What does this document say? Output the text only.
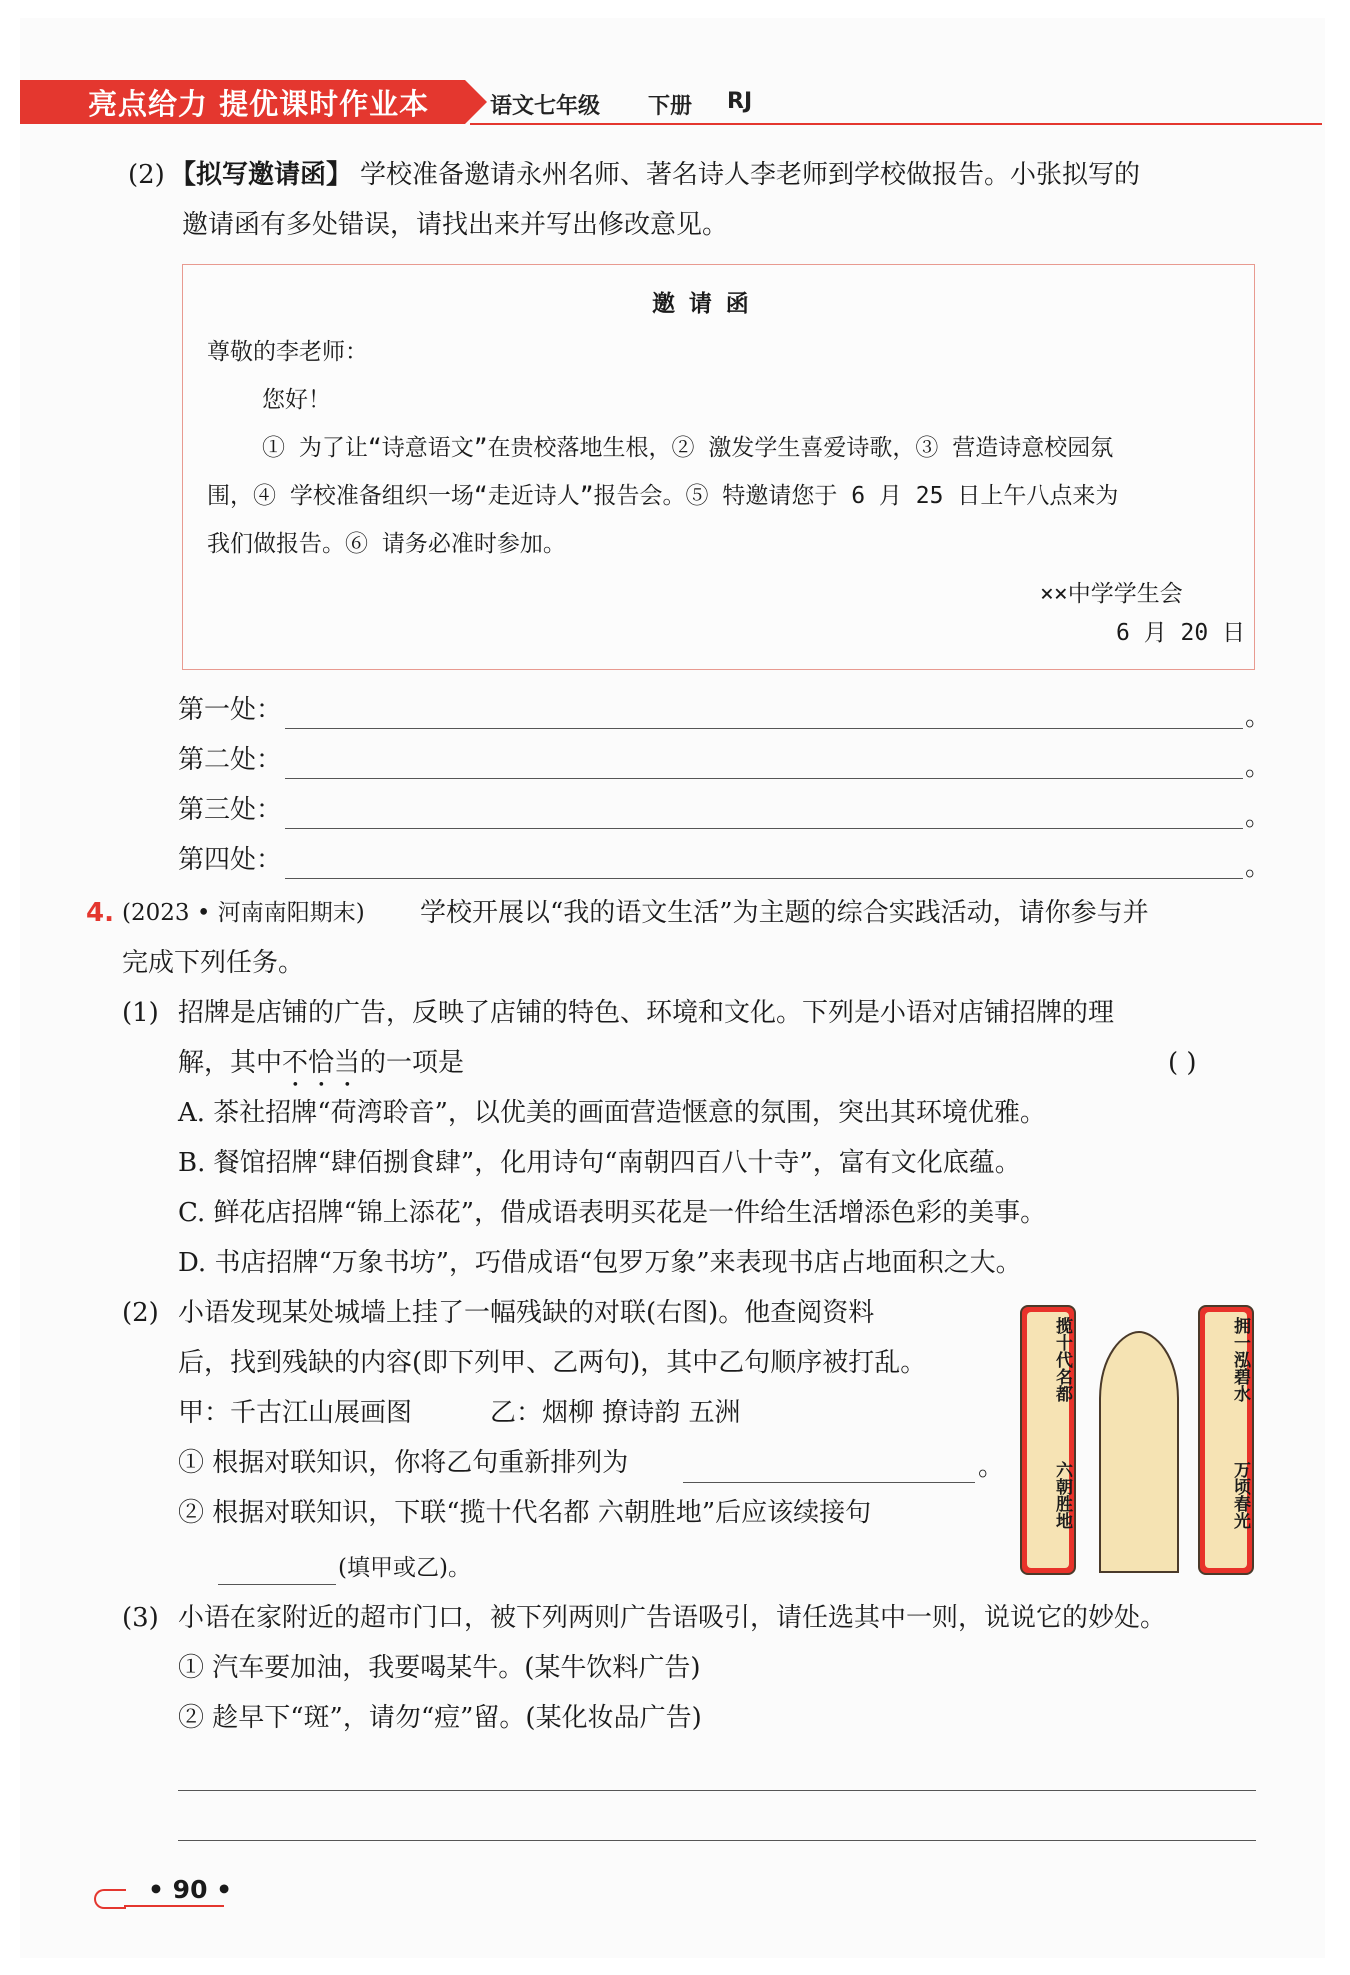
亮点给力 提优课时作业本	语文七年级 下册 RJ
(2) 【拟写邀请函】 学校准备邀请永州名师、著名诗人李老师到学校做报告。小张拟写的
邀请函有多处错误，请找出来并写出修改意见。
邀 请 函
尊敬的李老师：
您好！
① 为了让“诗意语文”在贵校落地生根，② 激发学生喜爱诗歌，③ 营造诗意校园氛
围，④ 学校准备组织一场“走近诗人”报告会。⑤ 特邀请您于 6 月 25 日上午八点来为
我们做报告。⑥ 请务必准时参加。
××中学学生会
6 月 20 日
第一处：	。
第二处：	。
第三处：	。
第四处：	。
4. (2023 • 河南南阳期末) 学校开展以“我的语文生活”为主题的综合实践活动，请你参与并
完成下列任务。
(1) 招牌是店铺的广告，反映了店铺的特色、环境和文化。下列是小语对店铺招牌的理
解，其中不恰当的一项是	( )
A. 茶社招牌“荷湾聆音”，以优美的画面营造惬意的氛围，突出其环境优雅。
B. 餐馆招牌“肆佰捌食肆”，化用诗句“南朝四百八十寺”，富有文化底蕴。
C. 鲜花店招牌“锦上添花”，借成语表明买花是一件给生活增添色彩的美事。
D. 书店招牌“万象书坊”，巧借成语“包罗万象”来表现书店占地面积之大。
(2) 小语发现某处城墙上挂了一幅残缺的对联(右图)。他查阅资料
后，找到残缺的内容(即下列甲、乙两句)，其中乙句顺序被打乱。
甲：千古江山展画图	乙：烟柳 撩诗韵 五洲
① 根据对联知识，你将乙句重新排列为	。
② 根据对联知识，下联“揽十代名都 六朝胜地”后应该续接句
(填甲或乙)。
揽十代名都
六朝胜地
拥一泓碧水
万顷春光
(3) 小语在家附近的超市门口，被下列两则广告语吸引，请任选其中一则，说说它的妙处。
① 汽车要加油，我要喝某牛。(某牛饮料广告)
② 趁早下“斑”，请勿“痘”留。(某化妆品广告)
• 90 •
